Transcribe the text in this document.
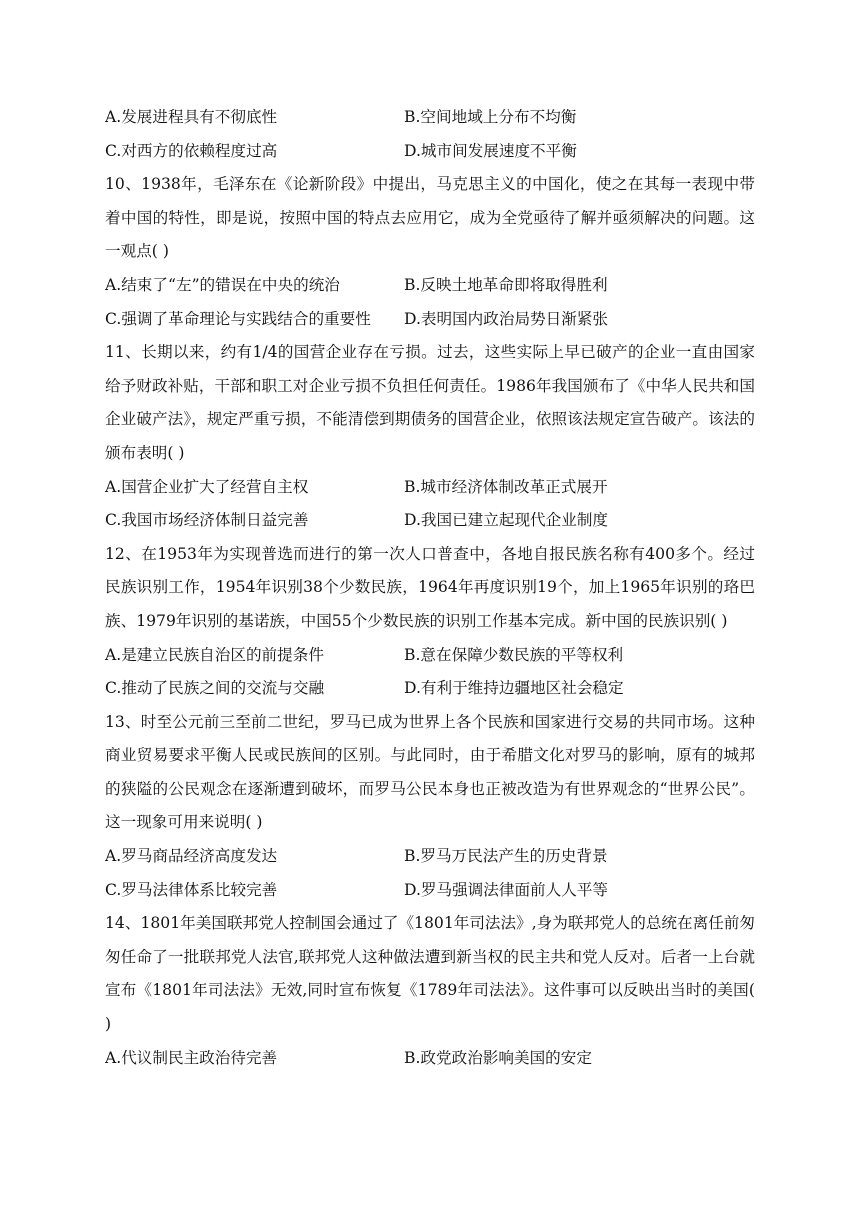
A.发展进程具有不彻底性	B.空间地域上分布不均衡
C.对西方的依赖程度过高	D.城市间发展速度不平衡
10、1938年，毛泽东在《论新阶段》中提出，马克思主义的中国化，使之在其每一表现中带着中国的特性，即是说，按照中国的特点去应用它，成为全党亟待了解并亟须解决的问题。这一观点( )
A.结束了“左”的错误在中央的统治	B.反映土地革命即将取得胜利
C.强调了革命理论与实践结合的重要性	D.表明国内政治局势日渐紧张
11、长期以来，约有1/4的国营企业存在亏损。过去，这些实际上早已破产的企业一直由国家给予财政补贴，干部和职工对企业亏损不负担任何责任。1986年我国颁布了《中华人民共和国企业破产法》，规定严重亏损，不能清偿到期债务的国营企业，依照该法规定宣告破产。该法的颁布表明( )
A.国营企业扩大了经营自主权	B.城市经济体制改革正式展开
C.我国市场经济体制日益完善	D.我国已建立起现代企业制度
12、在1953年为实现普选而进行的第一次人口普查中，各地自报民族名称有400多个。经过民族识别工作，1954年识别38个少数民族，1964年再度识别19个，加上1965年识别的珞巴族、1979年识别的基诺族，中国55个少数民族的识别工作基本完成。新中国的民族识别( )
A.是建立民族自治区的前提条件	B.意在保障少数民族的平等权利
C.推动了民族之间的交流与交融	D.有利于维持边疆地区社会稳定
13、时至公元前三至前二世纪，罗马已成为世界上各个民族和国家进行交易的共同市场。这种商业贸易要求平衡人民或民族间的区别。与此同时，由于希腊文化对罗马的影响，原有的城邦的狭隘的公民观念在逐渐遭到破坏，而罗马公民本身也正被改造为有世界观念的“世界公民”。这一现象可用来说明( )
A.罗马商品经济高度发达	B.罗马万民法产生的历史背景
C.罗马法律体系比较完善	D.罗马强调法律面前人人平等
14、1801年美国联邦党人控制国会通过了《1801年司法法》,身为联邦党人的总统在离任前匆匆任命了一批联邦党人法官,联邦党人这种做法遭到新当权的民主共和党人反对。后者一上台就宣布《1801年司法法》无效,同时宣布恢复《1789年司法法》。这件事可以反映出当时的美国( )
A.代议制民主政治待完善	B.政党政治影响美国的安定
